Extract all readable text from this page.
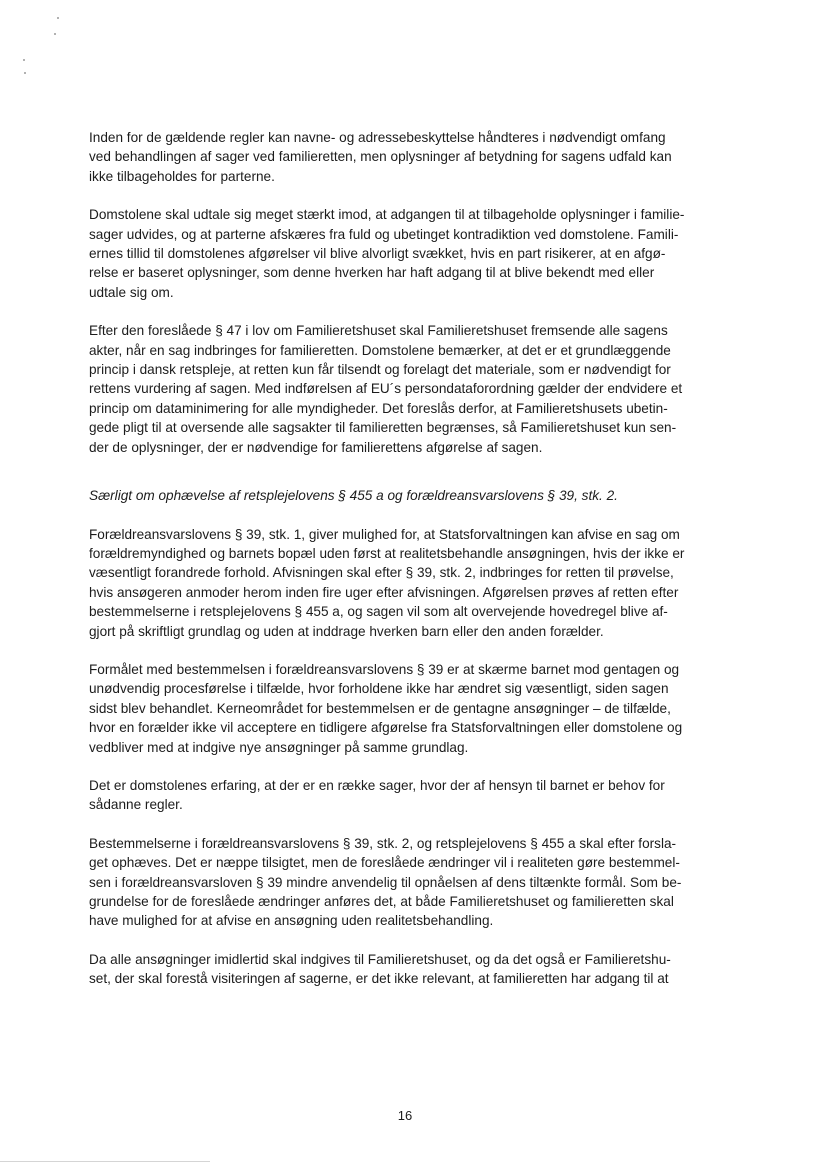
Inden for de gældende regler kan navne- og adressebeskyttelse håndteres i nødvendigt omfang
ved behandlingen af sager ved familieretten, men oplysninger af betydning for sagens udfald kan
ikke tilbageholdes for parterne.

Domstolene skal udtale sig meget stærkt imod, at adgangen til at tilbageholde oplysninger i familie-
sager udvides, og at parterne afskæres fra fuld og ubetinget kontradiktion ved domstolene. Famili-
ernes tillid til domstolenes afgørelser vil blive alvorligt svækket, hvis en part risikerer, at en afgø-
relse er baseret oplysninger, som denne hverken har haft adgang til at blive bekendt med eller
udtale sig om.

Efter den foreslåede § 47 i lov om Familieretshuset skal Familieretshuset fremsende alle sagens
akter, når en sag indbringes for familieretten. Domstolene bemærker, at det er et grundlæggende
princip i dansk retspleje, at retten kun får tilsendt og forelagt det materiale, som er nødvendigt for
rettens vurdering af sagen. Med indførelsen af EU´s persondataforordning gælder der endvidere et
princip om dataminimering for alle myndigheder. Det foreslås derfor, at Familieretshusets ubetin-
gede pligt til at oversende alle sagsakter til familieretten begrænses, så Familieretshuset kun sen-
der de oplysninger, der er nødvendige for familierettens afgørelse af sagen.

Særligt om ophævelse af retsplejelovens § 455 a og forældreansvarslovens § 39, stk. 2.

Forældreansvarslovens § 39, stk. 1, giver mulighed for, at Statsforvaltningen kan afvise en sag om
forældremyndighed og barnets bopæl uden først at realitetsbehandle ansøgningen, hvis der ikke er
væsentligt forandrede forhold. Afvisningen skal efter § 39, stk. 2, indbringes for retten til prøvelse,
hvis ansøgeren anmoder herom inden fire uger efter afvisningen. Afgørelsen prøves af retten efter
bestemmelserne i retsplejelovens § 455 a, og sagen vil som alt overvejende hovedregel blive af-
gjort på skriftligt grundlag og uden at inddrage hverken barn eller den anden forælder.

Formålet med bestemmelsen i forældreansvarslovens § 39 er at skærme barnet mod gentagen og
unødvendig procesførelse i tilfælde, hvor forholdene ikke har ændret sig væsentligt, siden sagen
sidst blev behandlet. Kerneområdet for bestemmelsen er de gentagne ansøgninger – de tilfælde,
hvor en forælder ikke vil acceptere en tidligere afgørelse fra Statsforvaltningen eller domstolene og
vedbliver med at indgive nye ansøgninger på samme grundlag.

Det er domstolenes erfaring, at der er en række sager, hvor der af hensyn til barnet er behov for
sådanne regler.

Bestemmelserne i forældreansvarslovens § 39, stk. 2, og retsplejelovens § 455 a skal efter forsla-
get ophæves. Det er næppe tilsigtet, men de foreslåede ændringer vil i realiteten gøre bestemmel-
sen i forældreansvarsloven § 39 mindre anvendelig til opnåelsen af dens tiltænkte formål. Som be-
grundelse for de foreslåede ændringer anføres det, at både Familieretshuset og familieretten skal
have mulighed for at afvise en ansøgning uden realitetsbehandling.

Da alle ansøgninger imidlertid skal indgives til Familieretshuset, og da det også er Familieretshu-
set, der skal forestå visiteringen af sagerne, er det ikke relevant, at familieretten har adgang til at

16
